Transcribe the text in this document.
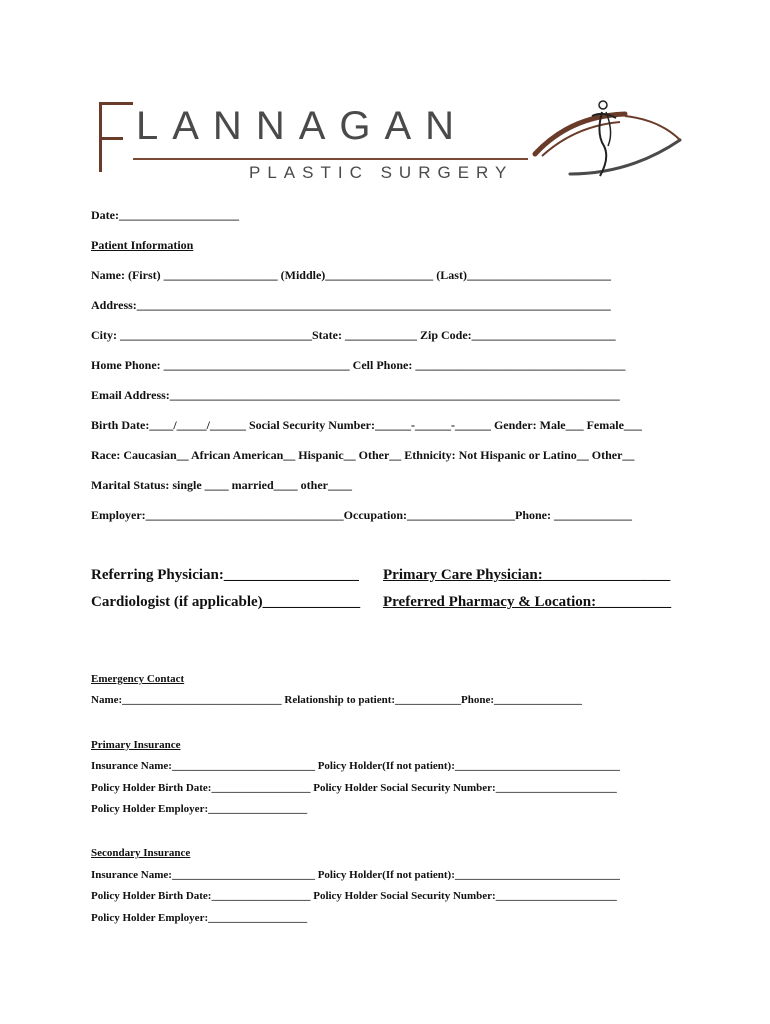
LANNAGAN
PLASTIC SURGERY
Date:____________________
Patient Information
Name: (First) ___________________ (Middle)__________________ (Last)________________________
Address:_______________________________________________________________________________
City: ________________________________State: ____________ Zip Code:________________________
Home Phone: _______________________________ Cell Phone: ___________________________________
Email Address:___________________________________________________________________________
Birth Date:____/_____/______ Social Security Number:______-______-______ Gender: Male___ Female___
Race: Caucasian__ African American__ Hispanic__ Other__ Ethnicity: Not Hispanic or Latino__ Other__
Marital Status: single ____ married____ other____
Employer:_________________________________Occupation:__________________Phone: _____________
Referring Physician:__________________ Primary Care Physician:_________________
Cardiologist (if applicable)_____________ Preferred Pharmacy & Location:__________
Emergency Contact
Name:_____________________________ Relationship to patient:____________Phone:________________
Primary Insurance
Insurance Name:__________________________ Policy Holder(If not patient):______________________________
Policy Holder Birth Date:__________________ Policy Holder Social Security Number:______________________
Policy Holder Employer:__________________
Secondary Insurance
Insurance Name:__________________________ Policy Holder(If not patient):______________________________
Policy Holder Birth Date:__________________ Policy Holder Social Security Number:______________________
Policy Holder Employer:__________________
